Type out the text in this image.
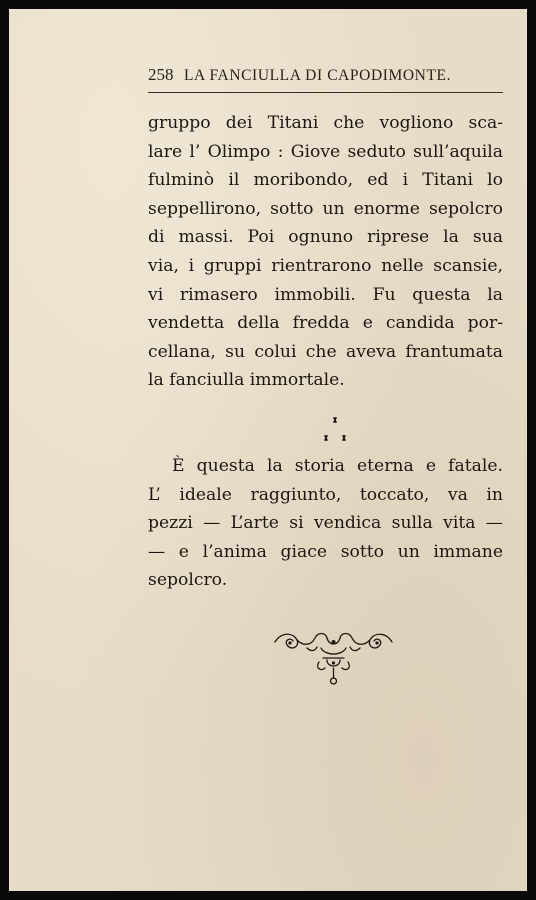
258 LA FANCIULLA DI CAPODIMONTE.
gruppo dei Titani che vogliono sca-
lare l’ Olimpo : Giove seduto sull’aquila
fulminò il moribondo, ed i Titani lo
seppellirono, sotto un enorme sepolcro
di massi. Poi ognuno riprese la sua
via, i gruppi rientrarono nelle scansie,
vi rimasero immobili. Fu questa la
vendetta della fredda e candida por-
cellana, su colui che aveva frantumata
la fanciulla immortale.
È questa la storia eterna e fatale.
L’ ideale raggiunto, toccato, va in
pezzi — L’arte si vendica sulla vita —
— e l’anima giace sotto un immane
sepolcro.
